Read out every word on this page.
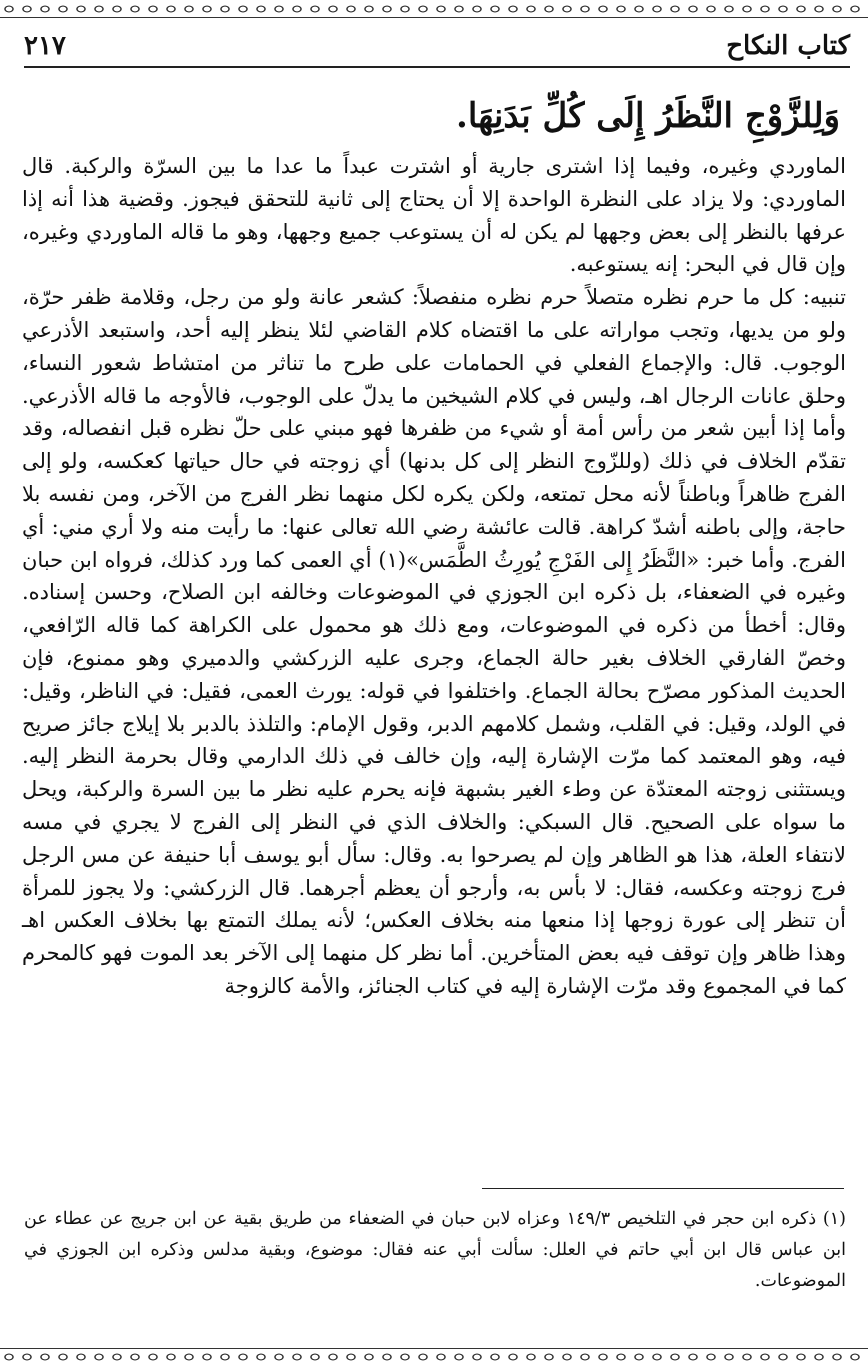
كتاب النكاح
٢١٧
وَلِلزَّوْجِ النَّظَرُ إِلَى كُلِّ بَدَنِهَا.

الماوردي وغيره، وفيما إذا اشترى جارية أو اشترت عبداً ما عدا ما بين السرّة والركبة. قال الماوردي: ولا يزاد على النظرة الواحدة إلا أن يحتاج إلى ثانية للتحقق فيجوز. وقضية هذا أنه إذا عرفها بالنظر إلى بعض وجهها لم يكن له أن يستوعب جميع وجهها، وهو ما قاله الماوردي وغيره، وإن قال في البحر: إنه يستوعبه.

تنبيه: كل ما حرم نظره متصلاً حرم نظره منفصلاً: كشعر عانة ولو من رجل، وقلامة ظفر حرّة، ولو من يديها، وتجب مواراته على ما اقتضاه كلام القاضي لئلا ينظر إليه أحد، واستبعد الأذرعي الوجوب. قال: والإجماع الفعلي في الحمامات على طرح ما تناثر من امتشاط شعور النساء، وحلق عانات الرجال اهـ، وليس في كلام الشيخين ما يدلّ على الوجوب، فالأوجه ما قاله الأذرعي. وأما إذا أبين شعر من رأس أمة أو شيء من ظفرها فهو مبني على حلّ نظره قبل انفصاله، وقد تقدّم الخلاف في ذلك (وللزّوج النظر إلى كل بدنها) أي زوجته في حال حياتها كعكسه، ولو إلى الفرج ظاهراً وباطناً لأنه محل تمتعه، ولكن يكره لكل منهما نظر الفرج من الآخر، ومن نفسه بلا حاجة، وإلى باطنه أشدّ كراهة. قالت عائشة رضي الله تعالى عنها: ما رأيت منه ولا أري مني: أي الفرج. وأما خبر: «النَّظَرُ إِلى الفَرْجِ يُورِثُ الطَّمَس»(١) أي العمى كما ورد كذلك، فرواه ابن حبان وغيره في الضعفاء، بل ذكره ابن الجوزي في الموضوعات وخالفه ابن الصلاح، وحسن إسناده. وقال: أخطأ من ذكره في الموضوعات، ومع ذلك هو محمول على الكراهة كما قاله الرّافعي، وخصّ الفارقي الخلاف بغير حالة الجماع، وجرى عليه الزركشي والدميري وهو ممنوع، فإن الحديث المذكور مصرّح بحالة الجماع. واختلفوا في قوله: يورث العمى، فقيل: في الناظر، وقيل: في الولد، وقيل: في القلب، وشمل كلامهم الدبر، وقول الإمام: والتلذذ بالدبر بلا إيلاج جائز صريح فيه، وهو المعتمد كما مرّت الإشارة إليه، وإن خالف في ذلك الدارمي وقال بحرمة النظر إليه. ويستثنى زوجته المعتدّة عن وطء الغير بشبهة فإنه يحرم عليه نظر ما بين السرة والركبة، ويحل ما سواه على الصحيح. قال السبكي: والخلاف الذي في النظر إلى الفرج لا يجري في مسه لانتفاء العلة، هذا هو الظاهر وإن لم يصرحوا به. وقال: سأل أبو يوسف أبا حنيفة عن مس الرجل فرج زوجته وعكسه، فقال: لا بأس به، وأرجو أن يعظم أجرهما. قال الزركشي: ولا يجوز للمرأة أن تنظر إلى عورة زوجها إذا منعها منه بخلاف العكس؛ لأنه يملك التمتع بها بخلاف العكس اهـ وهذا ظاهر وإن توقف فيه بعض المتأخرين. أما نظر كل منهما إلى الآخر بعد الموت فهو كالمحرم كما في المجموع وقد مرّت الإشارة إليه في كتاب الجنائز، والأمة كالزوجة

(١) ذكره ابن حجر في التلخيص ١٤٩/٣ وعزاه لابن حبان في الضعفاء من طريق بقية عن ابن جريج عن عطاء عن ابن عباس قال ابن أبي حاتم في العلل: سألت أبي عنه فقال: موضوع، وبقية مدلس وذكره ابن الجوزي في الموضوعات.
